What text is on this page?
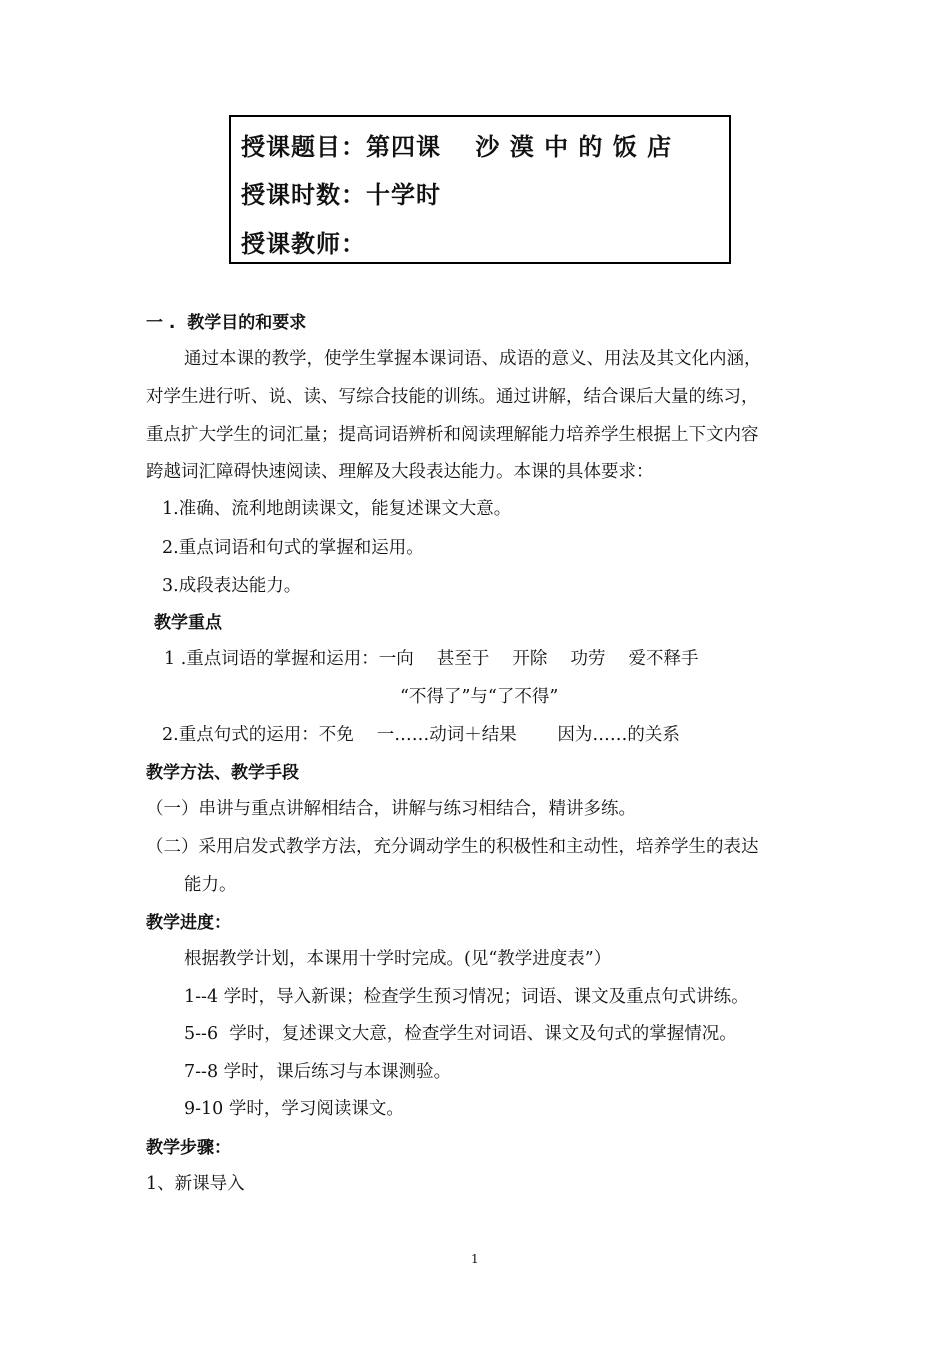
授课题目：第四课　 沙 漠 中 的 饭 店
授课时数：十学时
授课教师：
一 .  教学目的和要求
通过本课的教学，使学生掌握本课词语、成语的意义、用法及其文化内涵，
对学生进行听、说、读、写综合技能的训练。通过讲解，结合课后大量的练习，
重点扩大学生的词汇量；提高词语辨析和阅读理解能力培养学生根据上下文内容
跨越词汇障碍快速阅读、理解及大段表达能力。本课的具体要求：
1.准确、流利地朗读课文，能复述课文大意。
2.重点词语和句式的掌握和运用。
3.成段表达能力。
教学重点
1 .重点词语的掌握和运用：一向　 甚至于　 开除　 功劳　 爱不释手
“不得了”与“了不得”
2.重点句式的运用：不免　 一……动词＋结果　　 因为……的关系
教学方法、教学手段
（一）串讲与重点讲解相结合，讲解与练习相结合，精讲多练。
（二）采用启发式教学方法，充分调动学生的积极性和主动性，培养学生的表达
能力。
教学进度：
根据教学计划，本课用十学时完成。(见“教学进度表”）
1--4 学时，导入新课；检查学生预习情况；词语、课文及重点句式讲练。
5--6  学时，复述课文大意，检查学生对词语、课文及句式的掌握情况。
7--8 学时，课后练习与本课测验。
9-10 学时，学习阅读课文。
教学步骤：
1、新课导入
1
